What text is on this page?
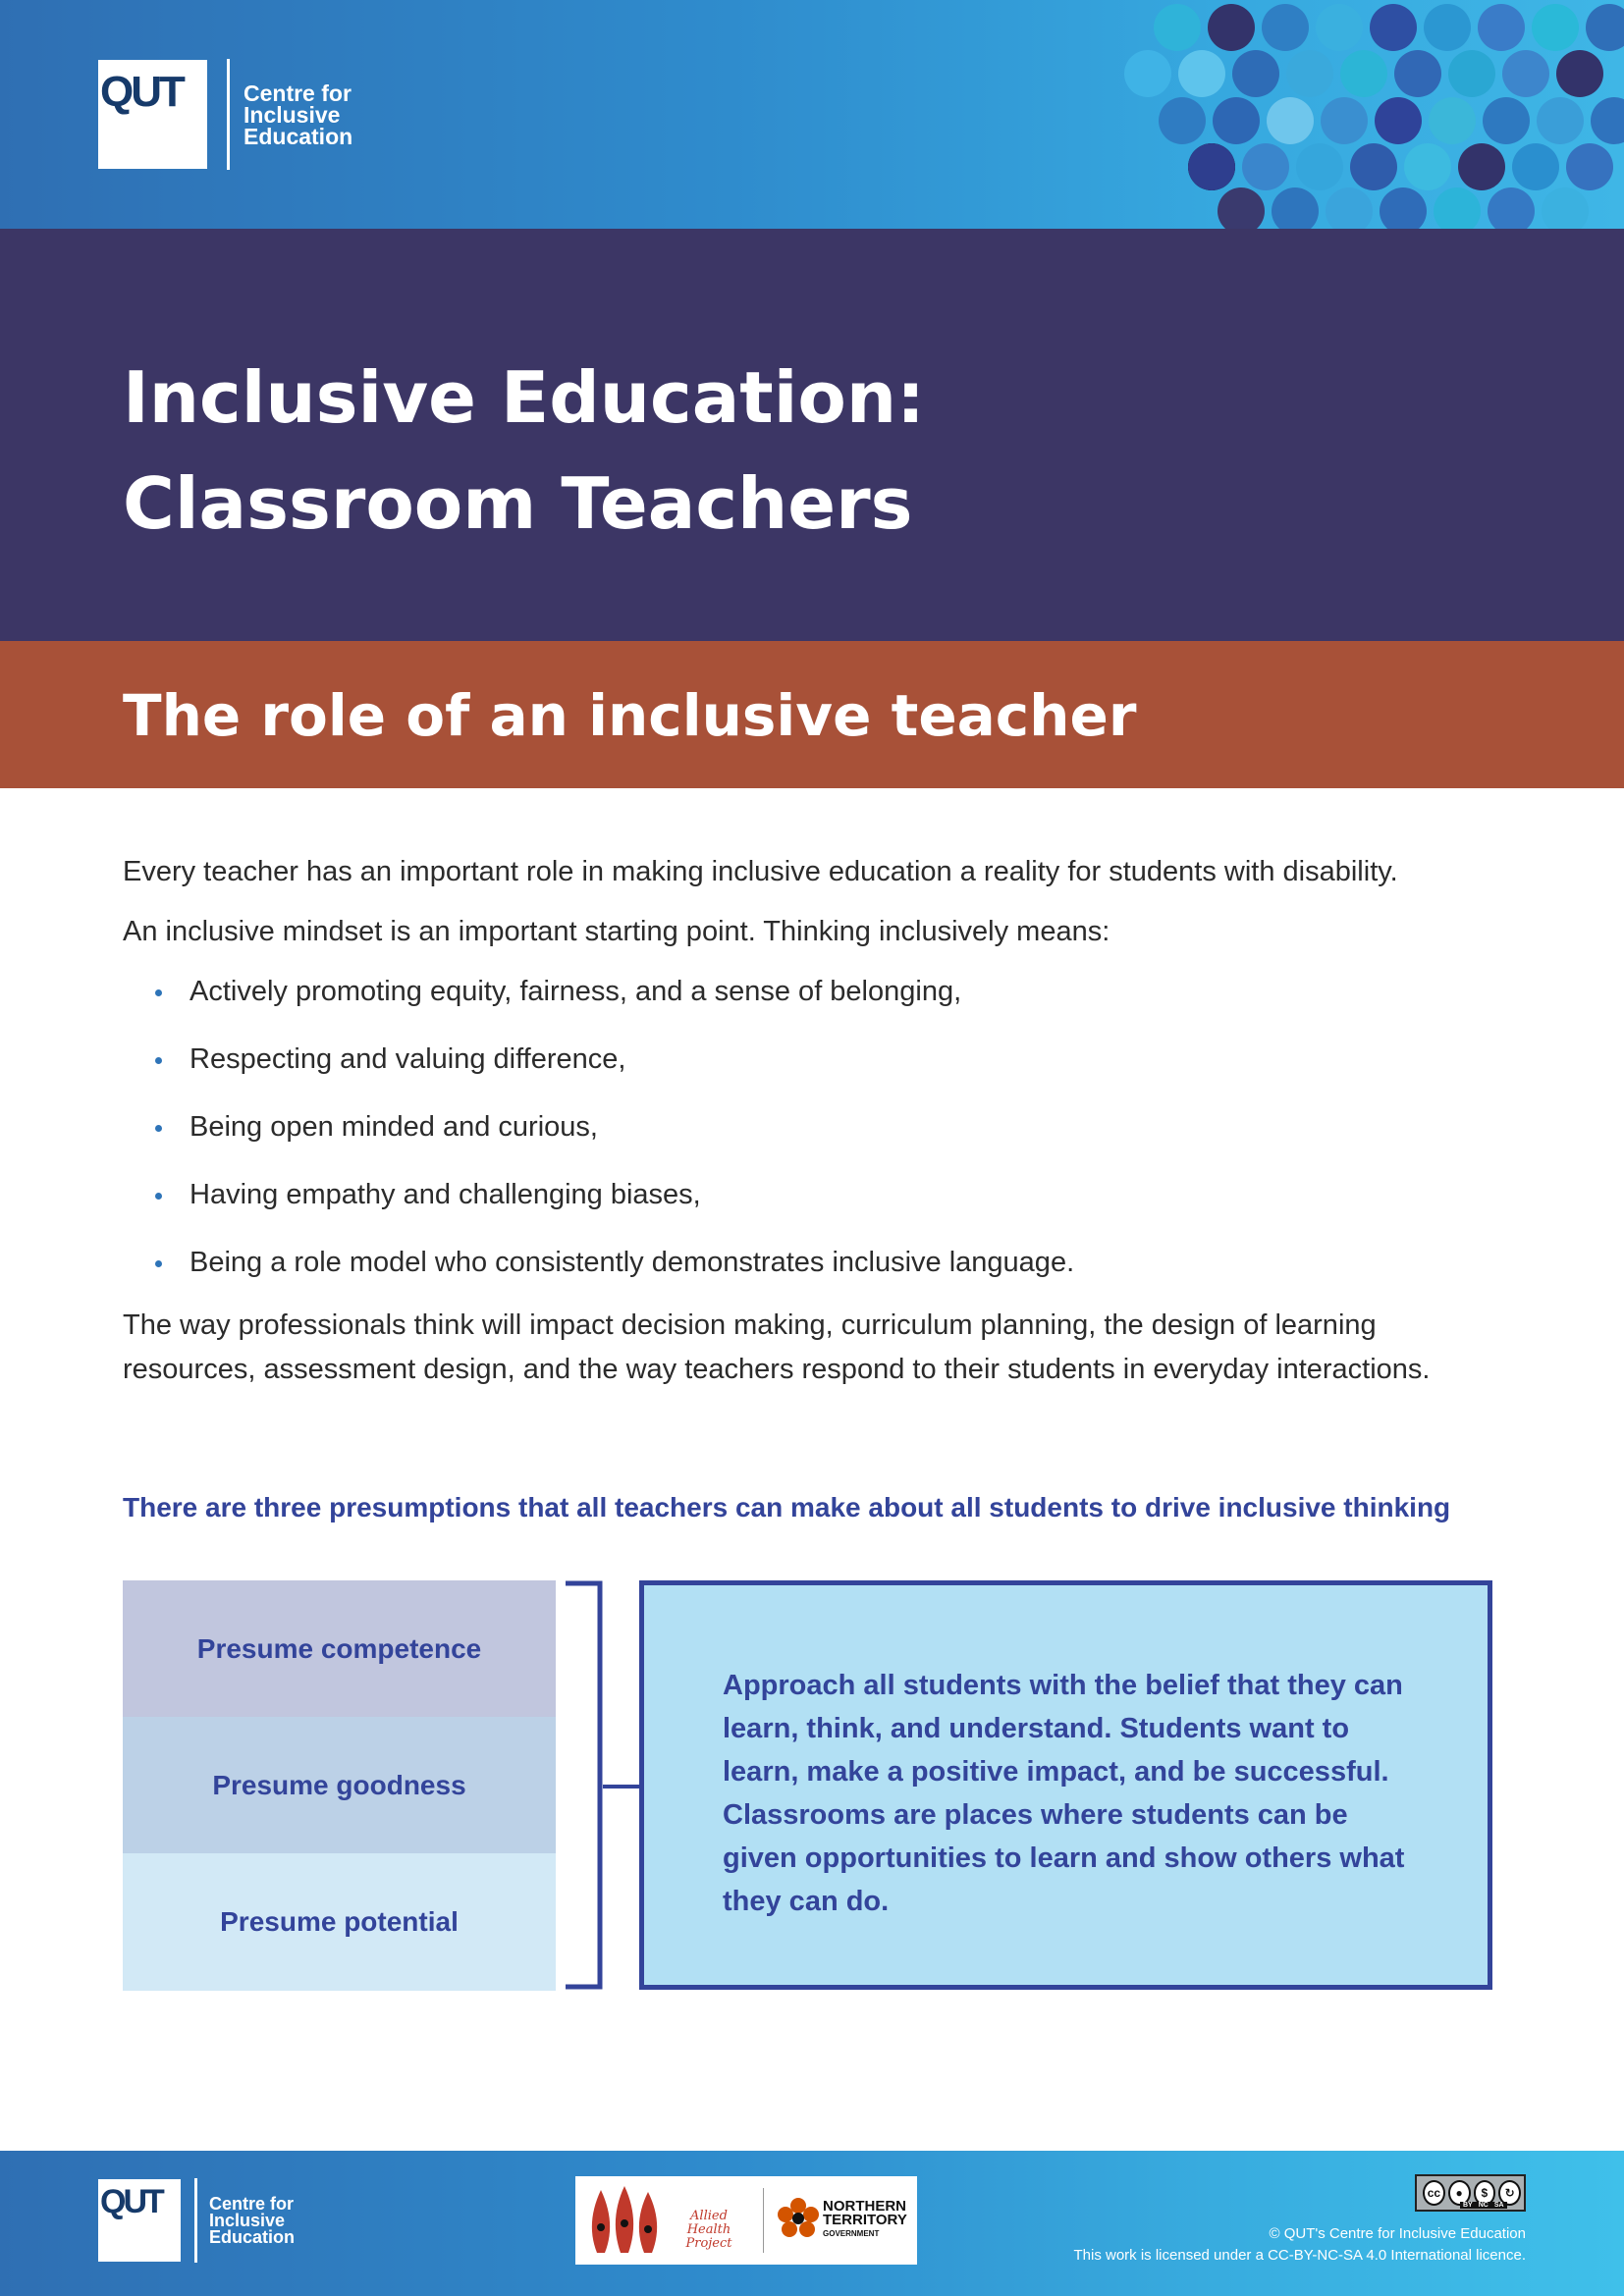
QUT	Centre for
Inclusive
Education
Inclusive Education:
Classroom Teachers
The role of an inclusive teacher

Every teacher has an important role in making inclusive education a reality for students with disability.

An inclusive mindset is an important starting point. Thinking inclusively means:

Actively promoting equity, fairness, and a sense of belonging,
Respecting and valuing difference,
Being open minded and curious,
Having empathy and challenging biases,
Being a role model who consistently demonstrates inclusive language.

The way professionals think will impact decision making, curriculum planning, the design of learning resources, assessment design, and the way teachers respond to their students in everyday interactions.

There are three presumptions that all teachers can make about all students to drive inclusive thinking
Presume competence
Presume goodness
Presume potential

Approach all students with the belief that they can learn, think, and understand. Students want to learn, make a positive impact, and be successful.

Classrooms are places where students can be given opportunities to learn and show others what they can do.

QUT	Centre for
Inclusive
Education
Allied Health
Project
NORTHERN
TERRITORY
GOVERNMENT
cc	●	$	↻
BY NC SA
© QUT's Centre for Inclusive Education
This work is licensed under a CC-BY-NC-SA 4.0 International licence.
